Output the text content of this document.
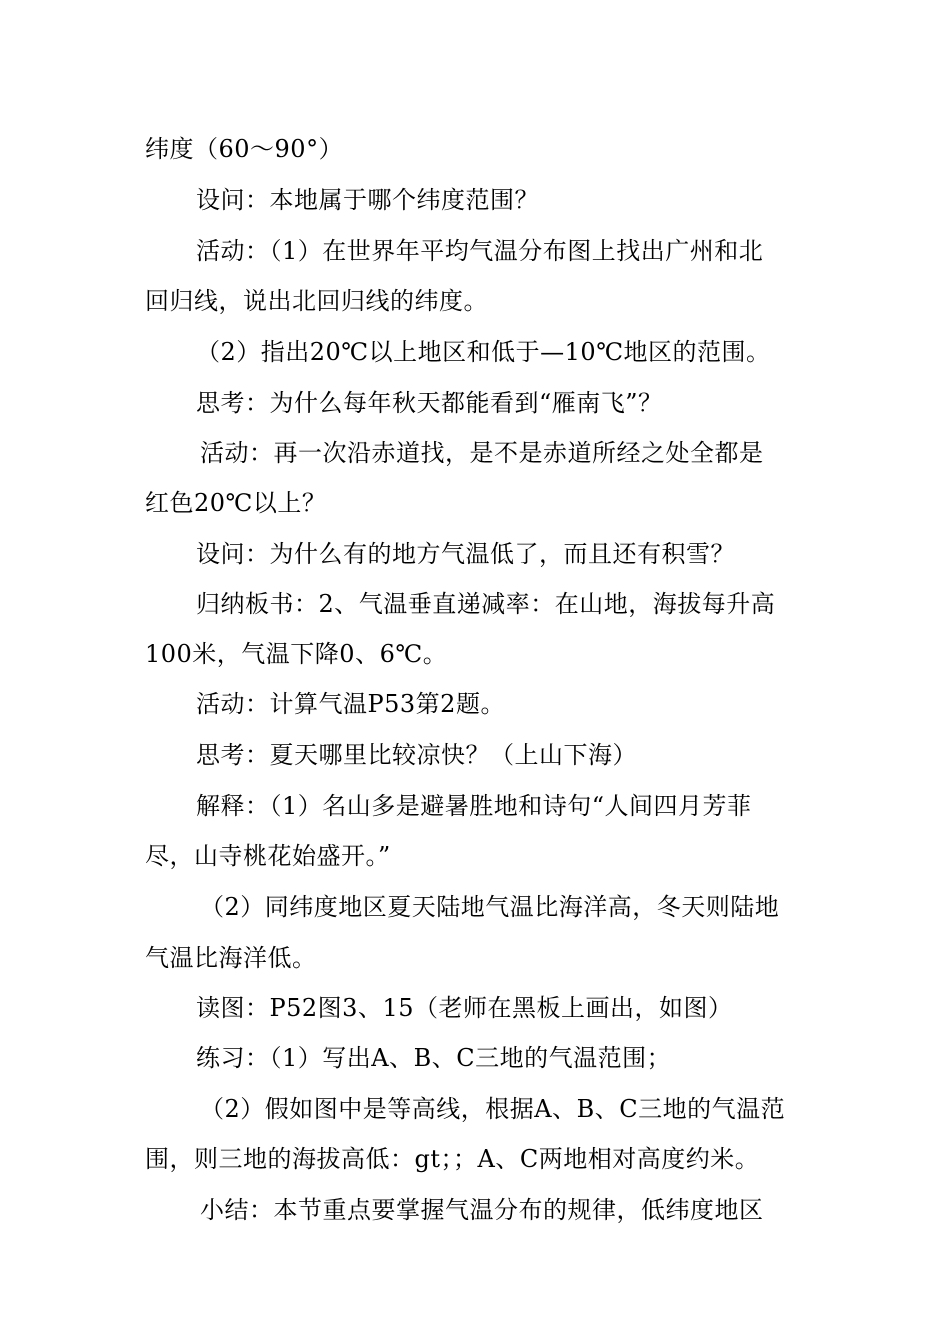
纬度（60～90°）
设问：本地属于哪个纬度范围？
活动：（1）在世界年平均气温分布图上找出广州和北
回归线，说出北回归线的纬度。
（2）指出20℃以上地区和低于—10℃地区的范围。
思考：为什么每年秋天都能看到“雁南飞”？
活动：再一次沿赤道找，是不是赤道所经之处全都是
红色20℃以上？
设问：为什么有的地方气温低了，而且还有积雪？
归纳板书：2、气温垂直递减率：在山地，海拔每升高
100米，气温下降0、6℃。
活动：计算气温P53第2题。
思考：夏天哪里比较凉快？（上山下海）
解释：（1）名山多是避暑胜地和诗句“人间四月芳菲
尽，山寺桃花始盛开。”
（2）同纬度地区夏天陆地气温比海洋高，冬天则陆地
气温比海洋低。
读图：P52图3、15（老师在黑板上画出，如图）
练习：（1）写出A、B、C三地的气温范围；
（2）假如图中是等高线，根据A、B、C三地的气温范
围，则三地的海拔高低：gt；；A、C两地相对高度约米。
小结：本节重点要掌握气温分布的规律，低纬度地区
